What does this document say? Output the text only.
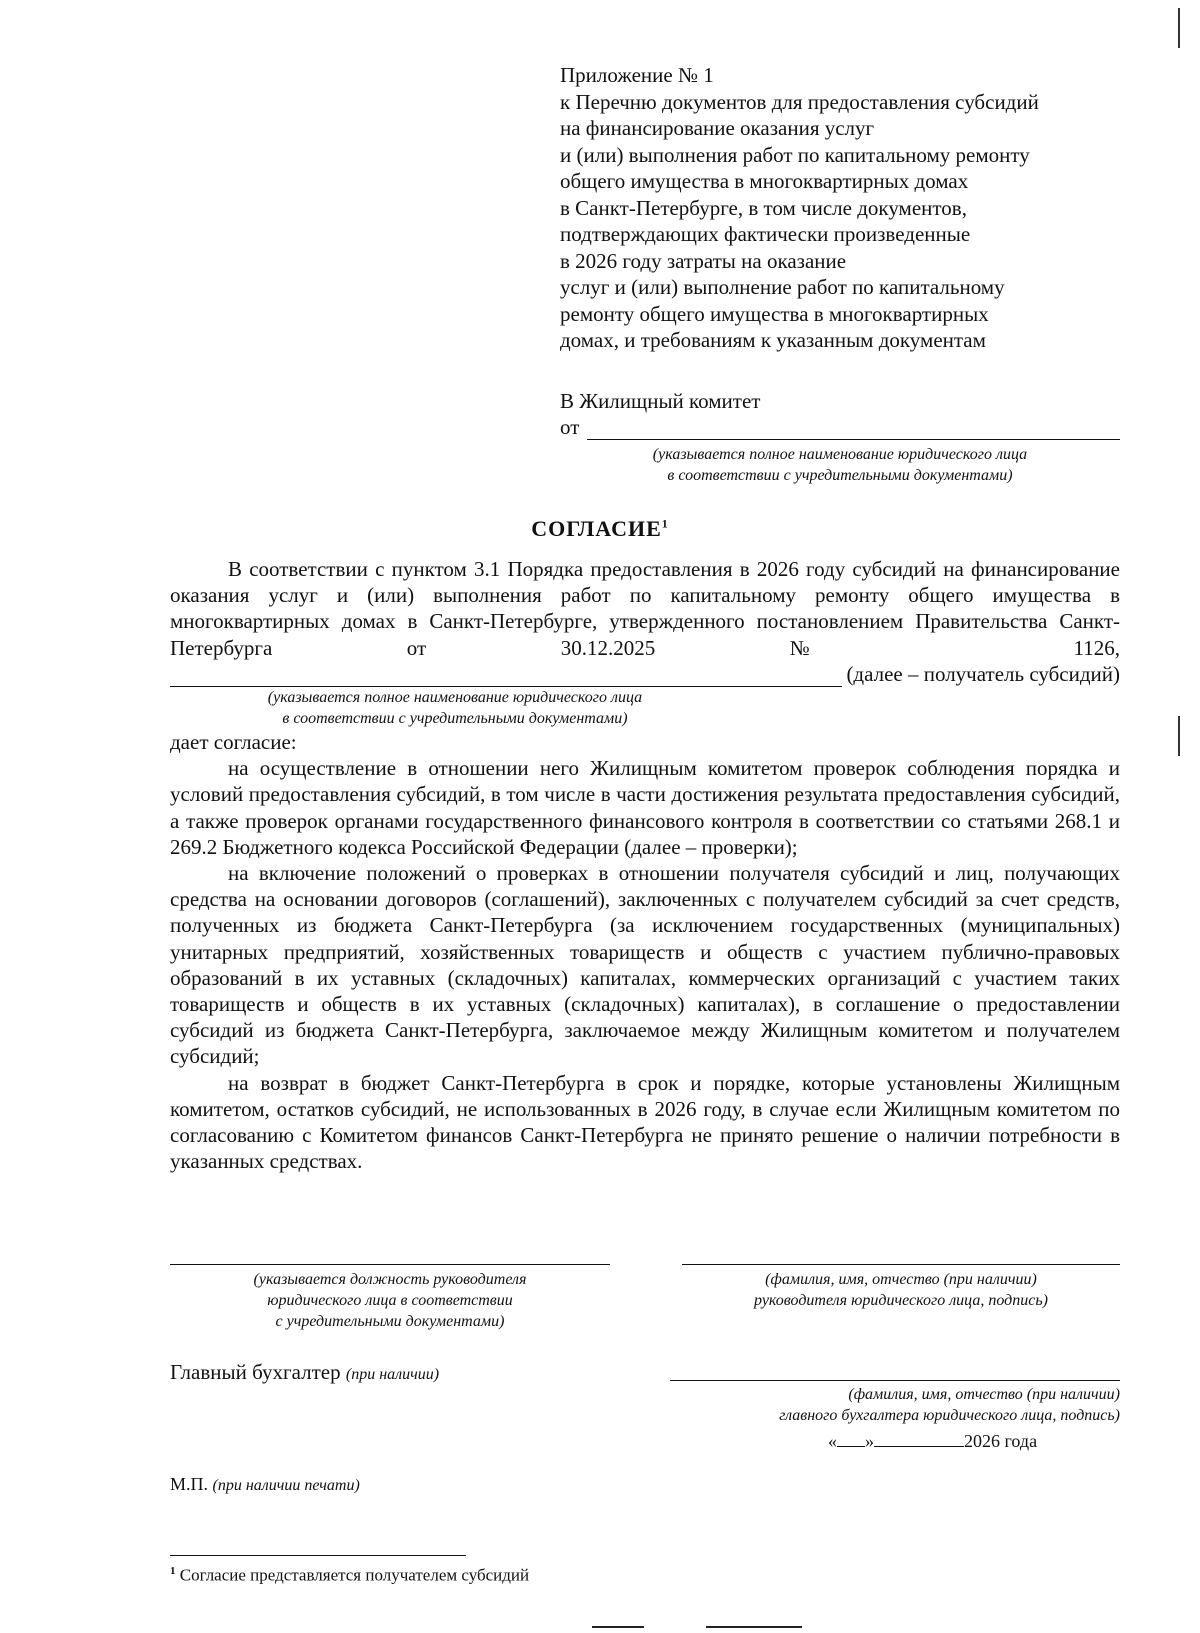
Приложение № 1
к Перечню документов для предоставления субсидий
на финансирование оказания услуг
и (или) выполнения работ по капитальному ремонту
общего имущества в многоквартирных домах
в Санкт-Петербурге, в том числе документов,
подтверждающих фактически произведенные
в 2026 году затраты на оказание
услуг и (или) выполнение работ по капитальному
ремонту общего имущества в многоквартирных
домах, и требованиям к указанным документам
В Жилищный комитет
от
(указывается полное наименование юридического лица
в соответствии с учредительными документами)
СОГЛАСИЕ$^1$

В соответствии с пунктом 3.1 Порядка предоставления в 2026 году субсидий на финансирование оказания услуг и (или) выполнения работ по капитальному ремонту общего имущества в многоквартирных домах в Санкт-Петербурге, утвержденного постановлением Правительства Санкт-Петербурга от 30.12.2025 № 1126,

(далее – получатель субсидий)
(указывается полное наименование юридического лица
в соответствии с учредительными документами)

дает согласие:

на осуществление в отношении него Жилищным комитетом проверок соблюдения порядка и условий предоставления субсидий, в том числе в части достижения результата предоставления субсидий, а также проверок органами государственного финансового контроля в соответствии со статьями 268.1 и 269.2 Бюджетного кодекса Российской Федерации (далее – проверки);

на включение положений о проверках в отношении получателя субсидий и лиц, получающих средства на основании договоров (соглашений), заключенных с получателем субсидий за счет средств, полученных из бюджета Санкт-Петербурга (за исключением государственных (муниципальных) унитарных предприятий, хозяйственных товариществ и обществ с участием публично-правовых образований в их уставных (складочных) капиталах, коммерческих организаций с участием таких товариществ и обществ в их уставных (складочных) капиталах), в соглашение о предоставлении субсидий из бюджета Санкт-Петербурга, заключаемое между Жилищным комитетом и получателем субсидий;

на возврат в бюджет Санкт-Петербурга в срок и порядке, которые установлены Жилищным комитетом, остатков субсидий, не использованных в 2026 году, в случае если Жилищным комитетом по согласованию с Комитетом финансов Санкт-Петербурга не принято решение о наличии потребности в указанных средствах.

(указывается должность руководителя
юридического лица в соответствии
с учредительными документами)
(фамилия, имя, отчество (при наличии)
руководителя юридического лица, подпись)
Главный бухгалтер (при наличии)
(фамилия, имя, отчество (при наличии)
главного бухгалтера юридического лица, подпись)
« »	2026 года
М.П. (при наличии печати)
$^1$ Согласие представляется получателем субсидий
